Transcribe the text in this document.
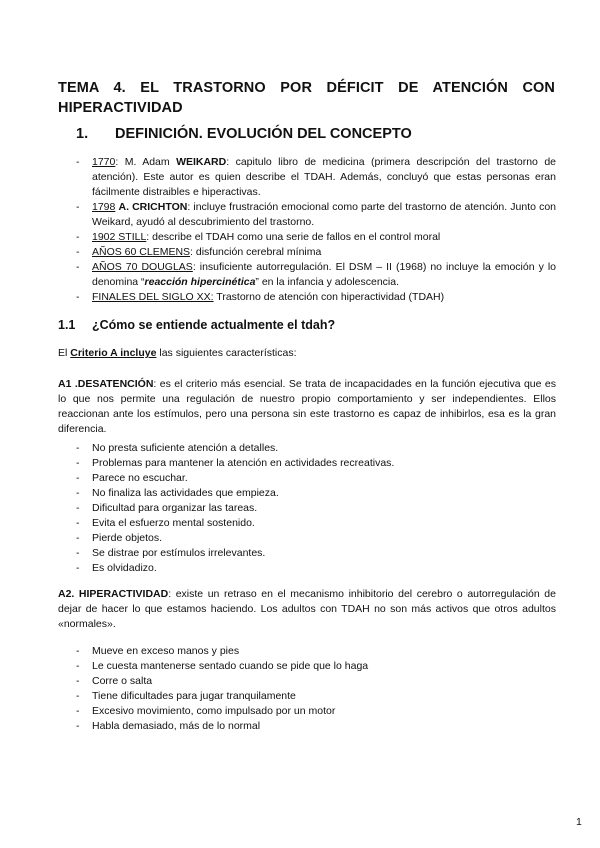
TEMA 4. EL TRASTORNO POR DÉFICIT DE ATENCIÓN CON HIPERACTIVIDAD
1. DEFINICIÓN. EVOLUCIÓN DEL CONCEPTO
- 1770: M. Adam WEIKARD: capitulo libro de medicina (primera descripción del trastorno de atención). Este autor es quien describe el TDAH. Además, concluyó que estas personas eran fácilmente distraibles e hiperactivas.
- 1798 A. CRICHTON: incluye frustración emocional como parte del trastorno de atención. Junto con Weikard, ayudó al descubrimiento del trastorno.
- 1902 STILL: describe el TDAH como una serie de fallos en el control moral
- AÑOS 60 CLEMENS: disfunción cerebral mínima
- AÑOS 70 DOUGLAS: insuficiente autorregulación. El DSM – II (1968) no incluye la emoción y lo denomina “reacción hipercinética” en la infancia y adolescencia.
- FINALES DEL SIGLO XX: Trastorno de atención con hiperactividad (TDAH)
1.1 ¿Cómo se entiende actualmente el tdah?

El Criterio A incluye las siguientes características:

A1 .DESATENCIÓN: es el criterio más esencial. Se trata de incapacidades en la función ejecutiva que es lo que nos permite una regulación de nuestro propio comportamiento y ser independientes. Ellos reaccionan ante los estímulos, pero una persona sin este trastorno es capaz de inhibirlos, esa es la gran diferencia.

- No presta suficiente atención a detalles.
- Problemas para mantener la atención en actividades recreativas.
- Parece no escuchar.
- No finaliza las actividades que empieza.
- Dificultad para organizar las tareas.
- Evita el esfuerzo mental sostenido.
- Pierde objetos.
- Se distrae por estímulos irrelevantes.
- Es olvidadizo.

A2. HIPERACTIVIDAD: existe un retraso en el mecanismo inhibitorio del cerebro o autorregulación de dejar de hacer lo que estamos haciendo. Los adultos con TDAH no son más activos que otros adultos «normales».

- Mueve en exceso manos y pies
- Le cuesta mantenerse sentado cuando se pide que lo haga
- Corre o salta
- Tiene dificultades para jugar tranquilamente
- Excesivo movimiento, como impulsado por un motor
- Habla demasiado, más de lo normal
1
